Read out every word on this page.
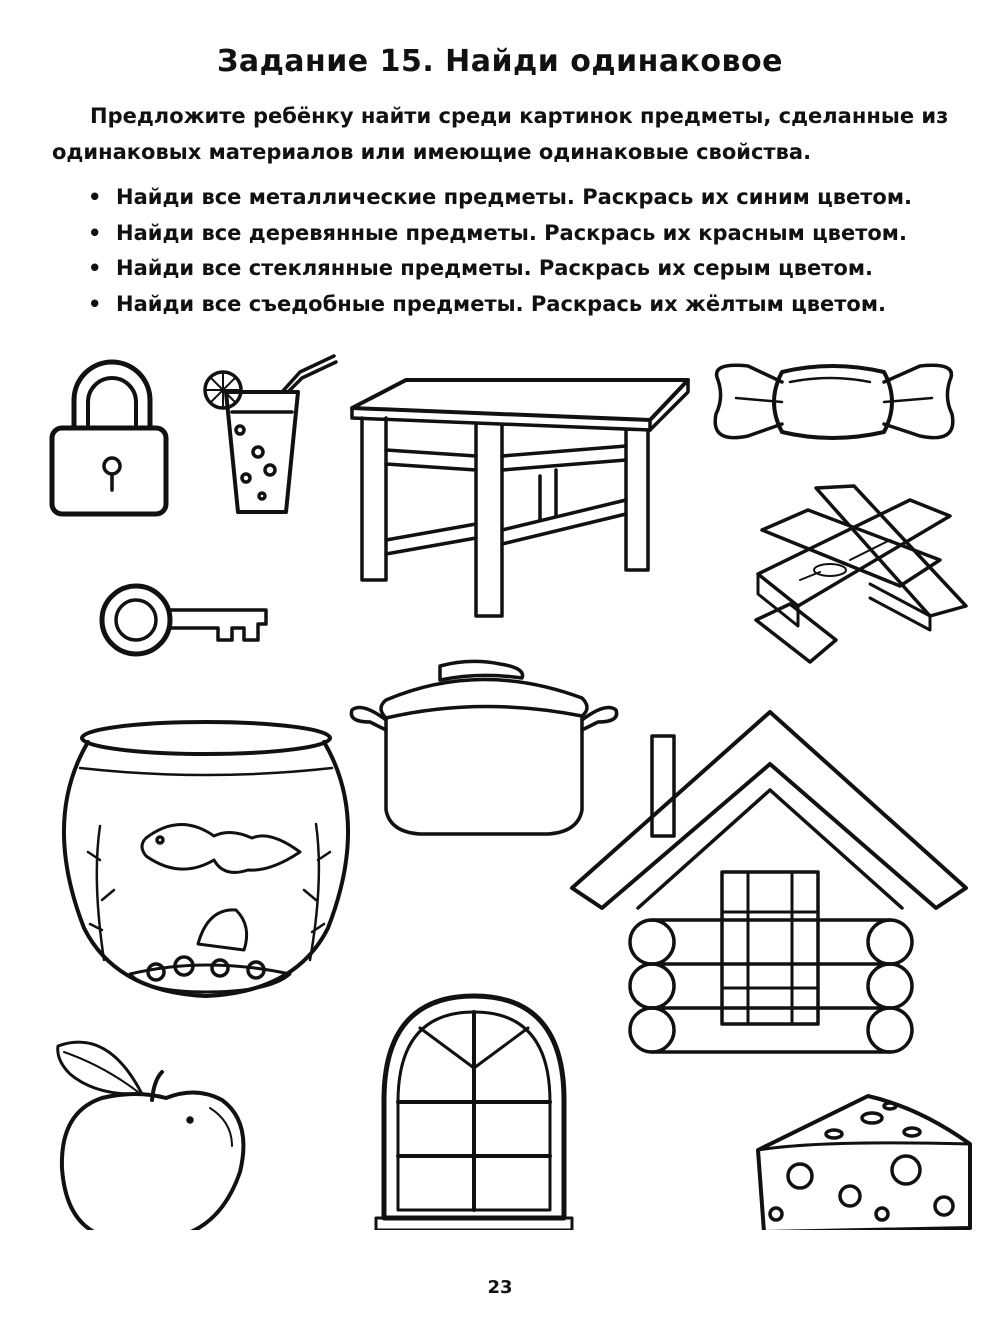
Задание 15. Найди одинаковое

Предложите ребёнку найти среди картинок предметы, сделанные из

одинаковых материалов или имеющие одинаковые свойства.

• Найди все металлические предметы. Раскрась их синим цветом.
• Найди все деревянные предметы. Раскрась их красным цветом.
• Найди все стеклянные предметы. Раскрась их серым цветом.
• Найди все съедобные предметы. Раскрась их жёлтым цветом.
23
